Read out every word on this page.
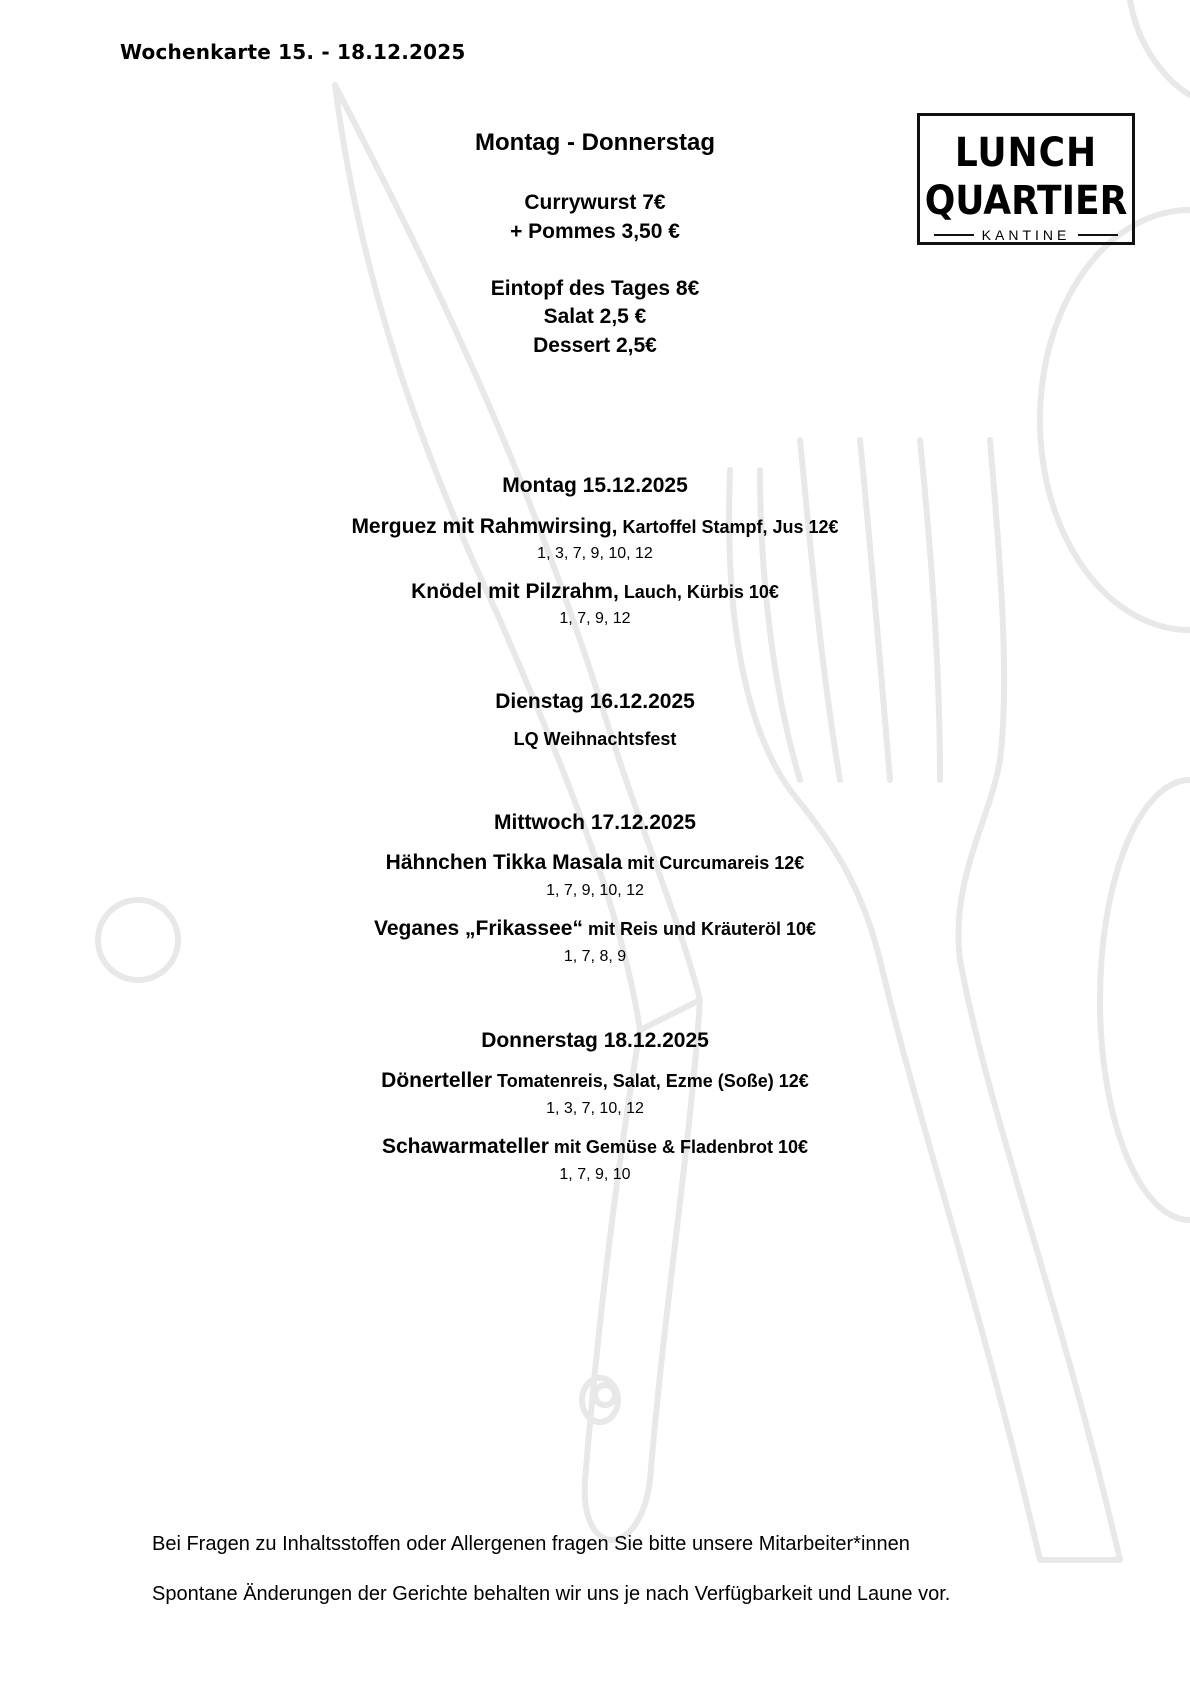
Wochenkarte 15. - 18.12.2025
LUNCH
QUARTIER
KANTINE
Montag - Donnerstag
Currywurst 7€
+ Pommes 3,50 €
Eintopf des Tages 8€
Salat 2,5 €
Dessert 2,5€
Montag 15.12.2025
Merguez mit Rahmwirsing, Kartoffel Stampf, Jus 12€
1, 3, 7, 9, 10, 12
Knödel mit Pilzrahm, Lauch, Kürbis 10€
1, 7, 9, 12
Dienstag 16.12.2025
LQ Weihnachtsfest
Mittwoch 17.12.2025
Hähnchen Tikka Masala mit Curcumareis 12€
1, 7, 9, 10, 12
Veganes „Frikassee“ mit Reis und Kräuteröl 10€
1, 7, 8, 9
Donnerstag 18.12.2025
Dönerteller Tomatenreis, Salat, Ezme (Soße) 12€
1, 3, 7, 10, 12
Schawarmateller mit Gemüse & Fladenbrot 10€
1, 7, 9, 10
Bei Fragen zu Inhaltsstoffen oder Allergenen fragen Sie bitte unsere Mitarbeiter*innen
Spontane Änderungen der Gerichte behalten wir uns je nach Verfügbarkeit und Laune vor.
